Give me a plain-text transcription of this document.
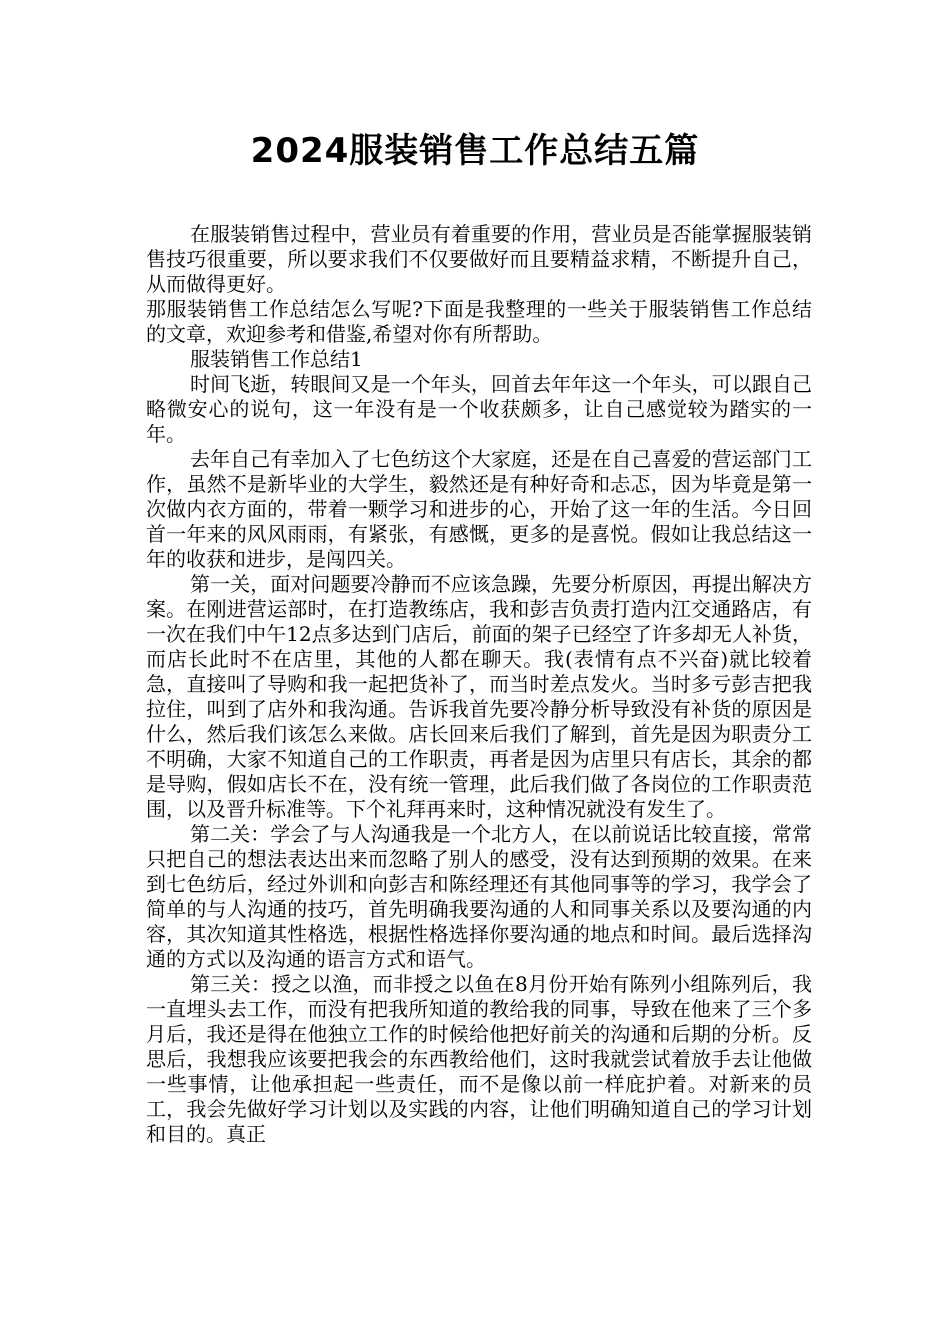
2024服装销售工作总结五篇

在服装销售过程中，营业员有着重要的作用，营业员是否能掌握服装销售技巧很重要，所以要求我们不仅要做好而且要精益求精，不断提升自己，从而做得更好。

那服装销售工作总结怎么写呢?下面是我整理的一些关于服装销售工作总结的文章，欢迎参考和借鉴,希望对你有所帮助。

服装销售工作总结1

时间飞逝，转眼间又是一个年头，回首去年年这一个年头，可以跟自己略微安心的说句，这一年没有是一个收获颇多，让自己感觉较为踏实的一年。

去年自己有幸加入了七色纺这个大家庭，还是在自己喜爱的营运部门工作，虽然不是新毕业的大学生，毅然还是有种好奇和忐忑，因为毕竟是第一次做内衣方面的，带着一颗学习和进步的心，开始了这一年的生活。今日回首一年来的风风雨雨，有紧张，有感慨，更多的是喜悦。假如让我总结这一年的收获和进步，是闯四关。

第一关，面对问题要冷静而不应该急躁，先要分析原因，再提出解决方案。在刚进营运部时，在打造教练店，我和彭吉负责打造内江交通路店，有一次在我们中午12点多达到门店后，前面的架子已经空了许多却无人补货，而店长此时不在店里，其他的人都在聊天。我(表情有点不兴奋)就比较着急，直接叫了导购和我一起把货补了，而当时差点发火。当时多亏彭吉把我拉住，叫到了店外和我沟通。告诉我首先要冷静分析导致没有补货的原因是什么，然后我们该怎么来做。店长回来后我们了解到，首先是因为职责分工不明确，大家不知道自己的工作职责，再者是因为店里只有店长，其余的都是导购，假如店长不在，没有统一管理，此后我们做了各岗位的工作职责范围，以及晋升标准等。下个礼拜再来时，这种情况就没有发生了。

第二关：学会了与人沟通我是一个北方人，在以前说话比较直接，常常只把自己的想法表达出来而忽略了别人的感受，没有达到预期的效果。在来到七色纺后，经过外训和向彭吉和陈经理还有其他同事等的学习，我学会了简单的与人沟通的技巧，首先明确我要沟通的人和同事关系以及要沟通的内容，其次知道其性格选，根据性格选择你要沟通的地点和时间。最后选择沟通的方式以及沟通的语言方式和语气。

第三关：授之以渔，而非授之以鱼在8月份开始有陈列小组陈列后，我一直埋头去工作，而没有把我所知道的教给我的同事，导致在他来了三个多月后，我还是得在他独立工作的时候给他把好前关的沟通和后期的分析。反思后，我想我应该要把我会的东西教给他们，这时我就尝试着放手去让他做一些事情，让他承担起一些责任，而不是像以前一样庇护着。对新来的员工，我会先做好学习计划以及实践的内容，让他们明确知道自己的学习计划和目的。真正
